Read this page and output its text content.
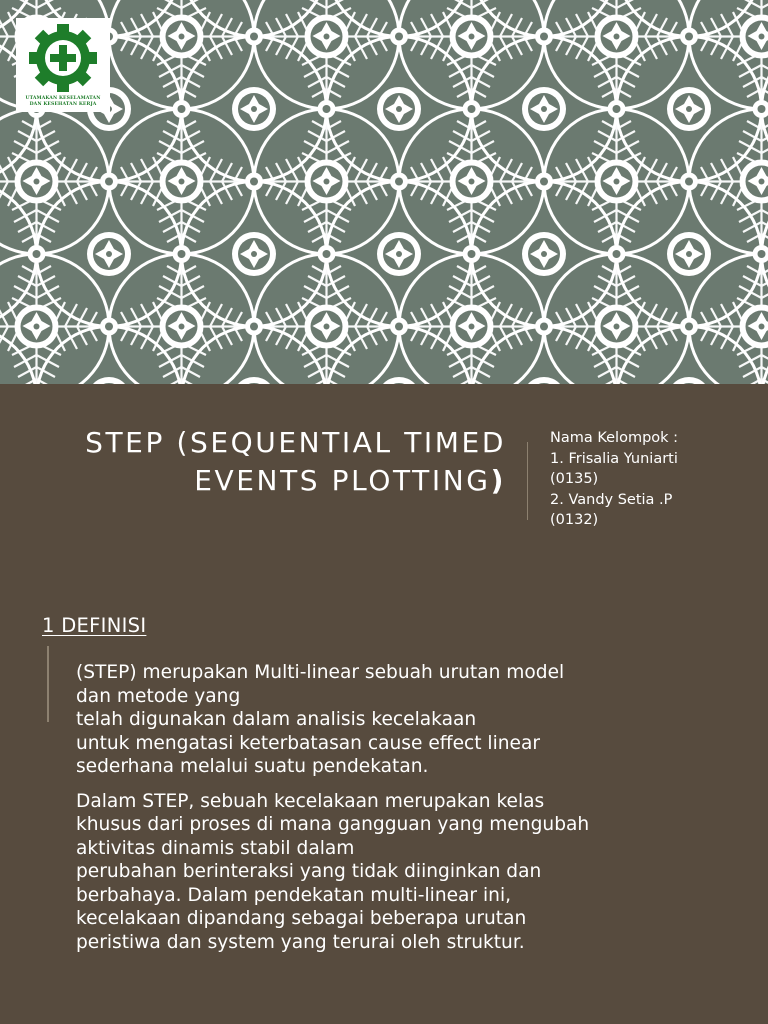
UTAMAKAN KESELAMATAN
DAN KESEHATAN KERJA
STEP (SEQUENTIAL TIMED
EVENTS PLOTTING)
Nama Kelompok :
1. Frisalia Yuniarti
(0135)
2. Vandy Setia .P
(0132)
1 DEFINISI

(STEP) merupakan Multi-linear sebuah urutan model
dan metode yang
telah digunakan dalam analisis kecelakaan
untuk mengatasi keterbatasan cause effect linear
sederhana melalui suatu pendekatan.

Dalam STEP, sebuah kecelakaan merupakan kelas
khusus dari proses di mana gangguan yang mengubah
aktivitas dinamis stabil dalam
perubahan berinteraksi yang tidak diinginkan dan
berbahaya. Dalam pendekatan multi-linear ini,
kecelakaan dipandang sebagai beberapa urutan
peristiwa dan system yang terurai oleh struktur.
